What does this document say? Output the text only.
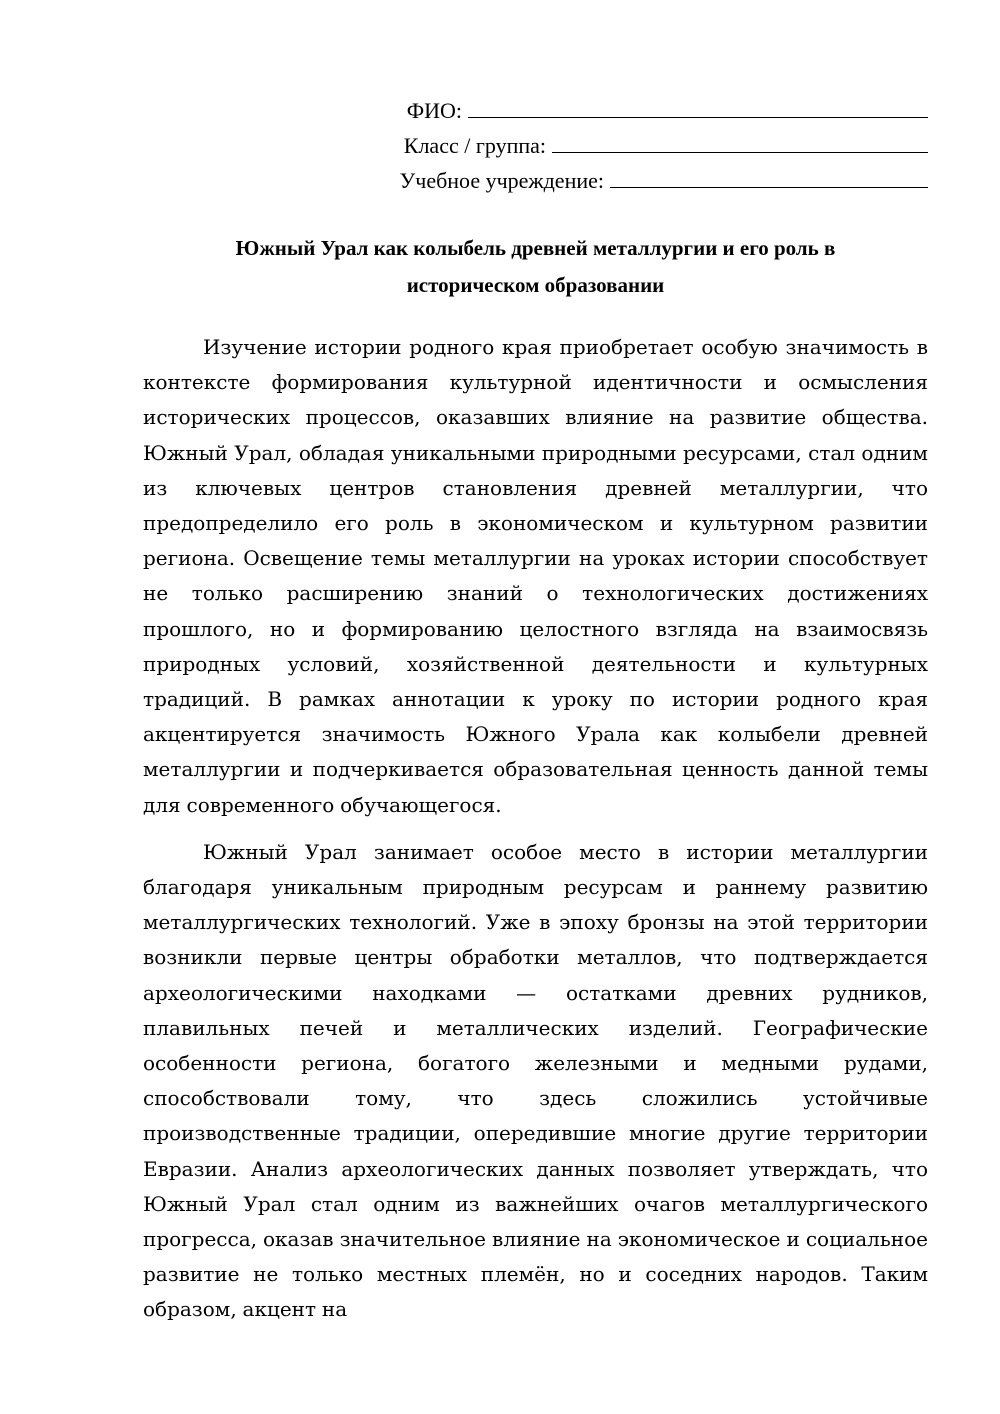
ФИО:
Класс / группа:
Учебное учреждение:
Южный Урал как колыбель древней металлургии и его роль в
историческом образовании

Изучение истории родного края приобретает особую значимость в контексте формирования культурной идентичности и осмысления исторических процессов, оказавших влияние на развитие общества. Южный Урал, обладая уникальными природными ресурсами, стал одним из ключевых центров становления древней металлургии, что предопределило его роль в экономическом и культурном развитии региона. Освещение темы металлургии на уроках истории способствует не только расширению знаний о технологических достижениях прошлого, но и формированию целостного взгляда на взаимосвязь природных условий, хозяйственной деятельности и культурных традиций. В рамках аннотации к уроку по истории родного края акцентируется значимость Южного Урала как колыбели древней металлургии и подчеркивается образовательная ценность данной темы для современного обучающегося.

Южный Урал занимает особое место в истории металлургии благодаря уникальным природным ресурсам и раннему развитию металлургических технологий. Уже в эпоху бронзы на этой территории возникли первые центры обработки металлов, что подтверждается археологическими находками — остатками древних рудников, плавильных печей и металлических изделий. Географические особенности региона, богатого железными и медными рудами, способствовали тому, что здесь сложились устойчивые производственные традиции, опередившие многие другие территории Евразии. Анализ археологических данных позволяет утверждать, что Южный Урал стал одним из важнейших очагов металлургического прогресса, оказав значительное влияние на экономическое и социальное развитие не только местных племён, но и соседних народов. Таким образом, акцент на
